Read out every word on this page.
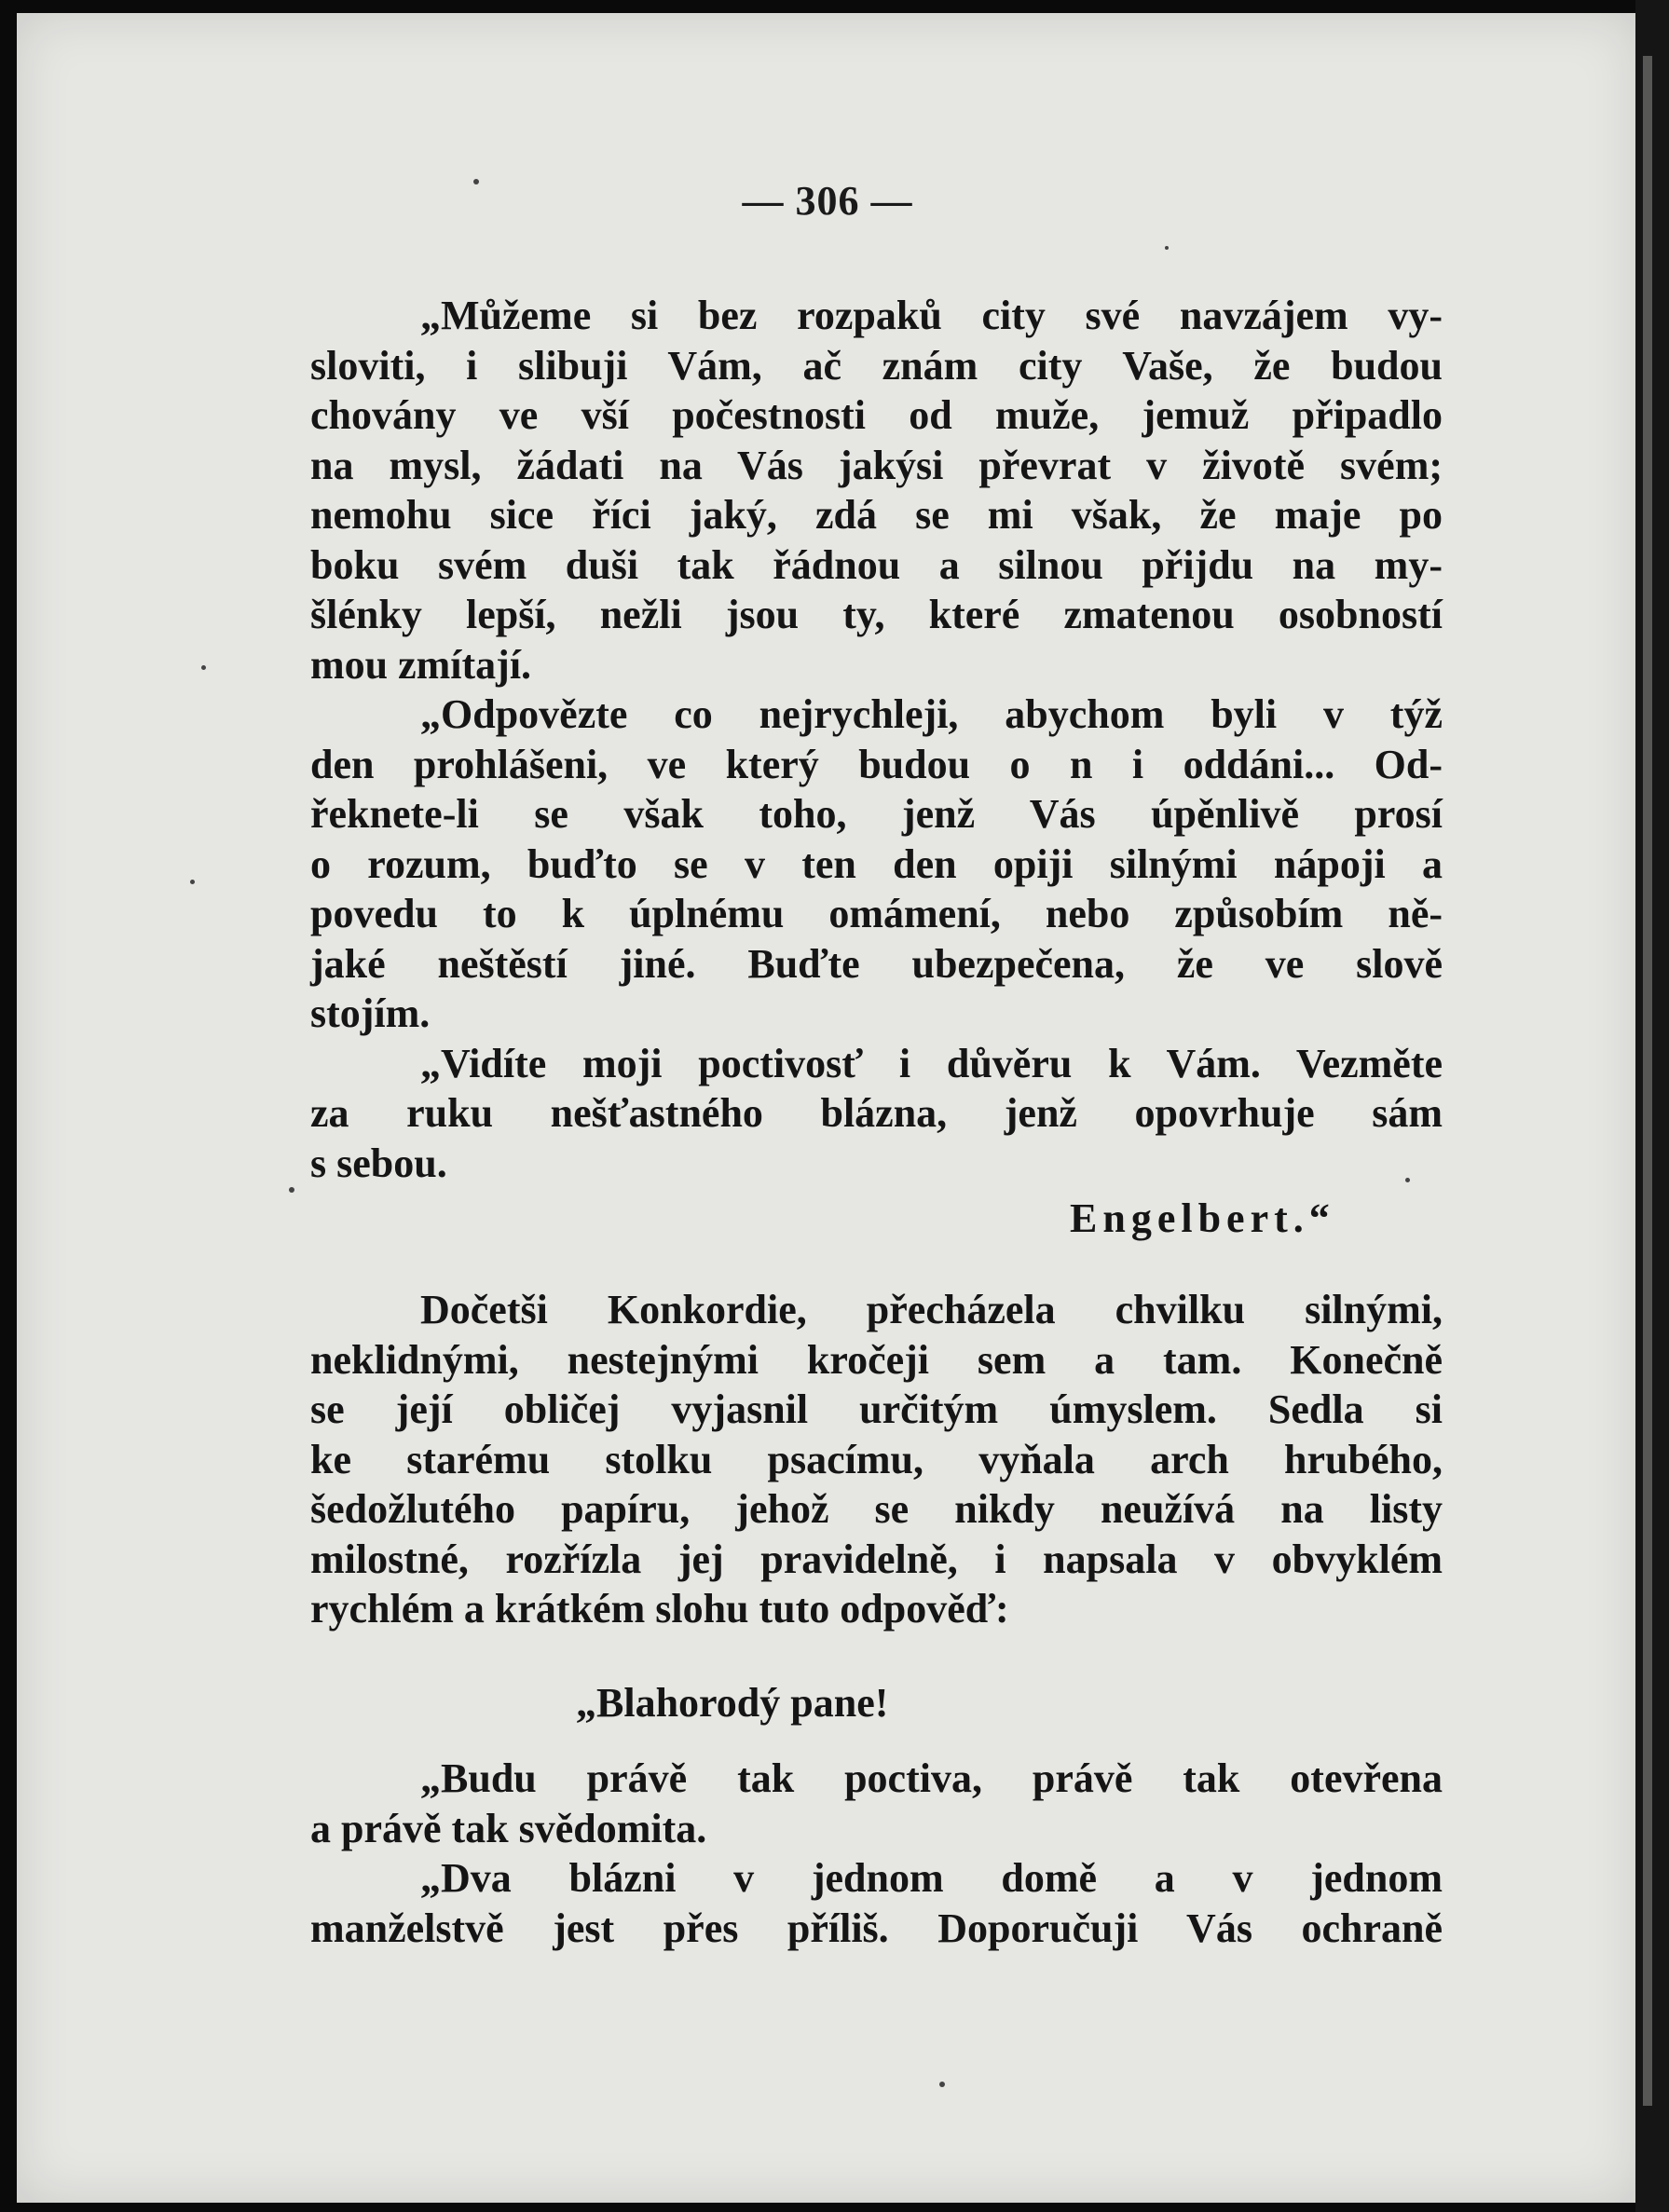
— 306 —
„Můžeme si bez rozpaků city své navzájem vy-
sloviti, i slibuji Vám, ač znám city Vaše, že budou
chovány ve vší počestnosti od muže, jemuž připadlo
na mysl, žádati na Vás jakýsi převrat v životě svém;
nemohu sice říci jaký, zdá se mi však, že maje po
boku svém duši tak řádnou a silnou přijdu na my-
šlénky lepší, nežli jsou ty, které zmatenou osobností
mou zmítají.
„Odpovězte co nejrychleji, abychom byli v týž
den prohlášeni, ve který budou o n i oddáni... Od-
řeknete-li se však toho, jenž Vás úpěnlivě prosí
o rozum, buďto se v ten den opiji silnými nápoji a
povedu to k úplnému omámení, nebo způsobím ně-
jaké neštěstí jiné. Buďte ubezpečena, že ve slově
stojím.
„Vidíte moji poctivosť i důvěru k Vám. Vezměte
za ruku nešťastného blázna, jenž opovrhuje sám
s sebou.
Engelbert.“
Dočetši Konkordie, přecházela chvilku silnými,
neklidnými, nestejnými kročeji sem a tam. Konečně
se její obličej vyjasnil určitým úmyslem. Sedla si
ke starému stolku psacímu, vyňala arch hrubého,
šedožlutého papíru, jehož se nikdy neužívá na listy
milostné, rozřízla jej pravidelně, i napsala v obvyklém
rychlém a krátkém slohu tuto odpověď:
„Blahorodý pane!
„Budu právě tak poctiva, právě tak otevřena
a právě tak svědomita.
„Dva blázni v jednom domě a v jednom
manželstvě jest přes příliš. Doporučuji Vás ochraně
